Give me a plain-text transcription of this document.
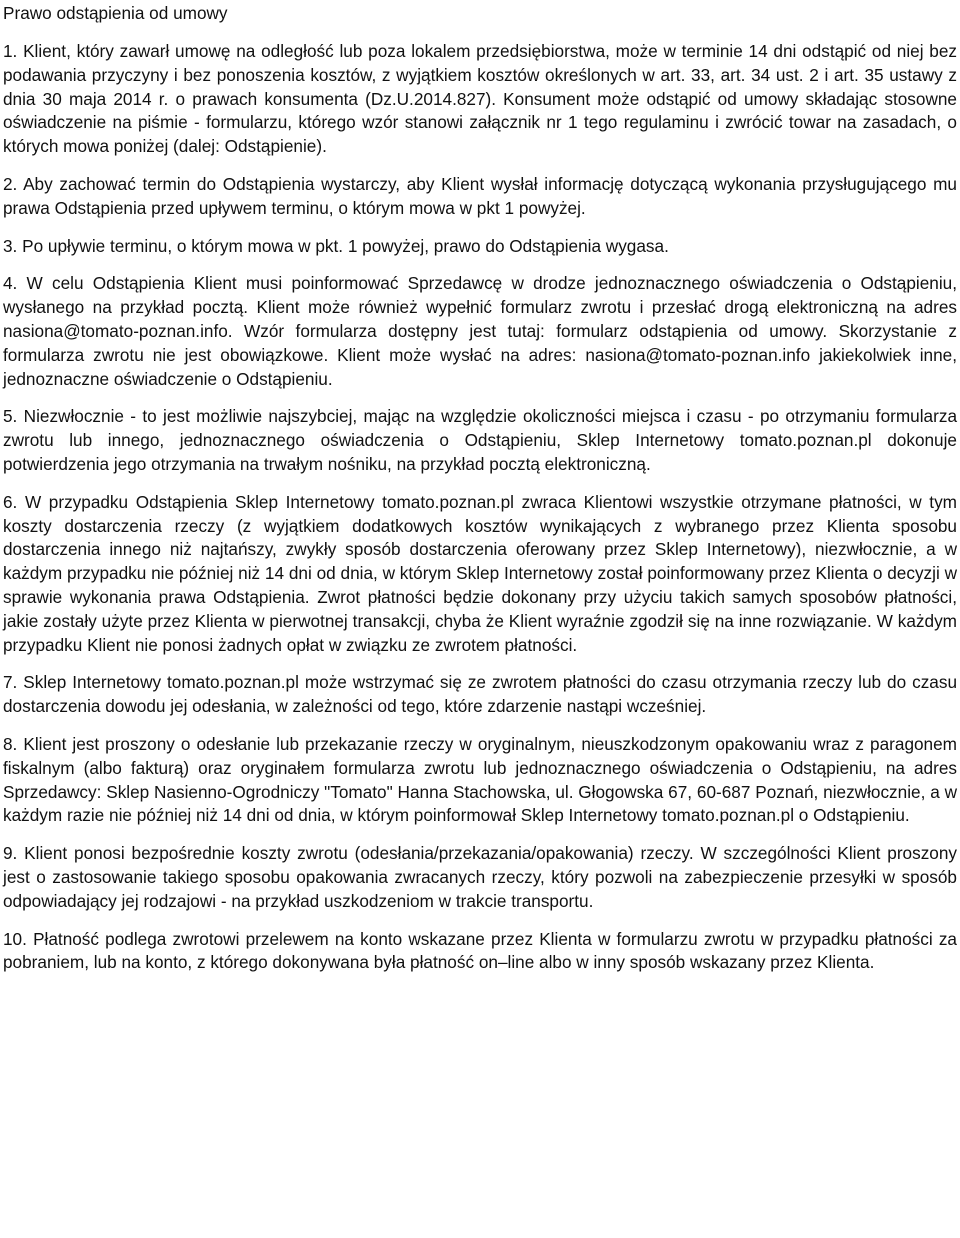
Prawo odstąpienia od umowy

1. Klient, który zawarł umowę na odległość lub poza lokalem przedsiębiorstwa, może w terminie 14 dni odstąpić od niej bez podawania przyczyny i bez ponoszenia kosztów, z wyjątkiem kosztów określonych w art. 33, art. 34 ust. 2 i art. 35 ustawy z dnia 30 maja 2014 r. o prawach konsumenta (Dz.U.2014.827). Konsument może odstąpić od umowy składając stosowne oświadczenie na piśmie - formularzu, którego wzór stanowi załącznik nr 1 tego regulaminu i zwrócić towar na zasadach, o których mowa poniżej (dalej: Odstąpienie).

2. Aby zachować termin do Odstąpienia wystarczy, aby Klient wysłał informację dotyczącą wykonania przysługującego mu prawa Odstąpienia przed upływem terminu, o którym mowa w pkt 1 powyżej.

3. Po upływie terminu, o którym mowa w pkt. 1 powyżej, prawo do Odstąpienia wygasa.

4. W celu Odstąpienia Klient musi poinformować Sprzedawcę w drodze jednoznacznego oświadczenia o Odstąpieniu, wysłanego na przykład pocztą. Klient może również wypełnić formularz zwrotu i przesłać drogą elektroniczną na adres nasiona@tomato-poznan.info. Wzór formularza dostępny jest tutaj: formularz odstąpienia od umowy. Skorzystanie z formularza zwrotu nie jest obowiązkowe. Klient może wysłać na adres: nasiona@tomato-poznan.info jakiekolwiek inne, jednoznaczne oświadczenie o Odstąpieniu.

5. Niezwłocznie - to jest możliwie najszybciej, mając na względzie okoliczności miejsca i czasu - po otrzymaniu formularza zwrotu lub innego, jednoznacznego oświadczenia o Odstąpieniu, Sklep Internetowy tomato.poznan.pl dokonuje potwierdzenia jego otrzymania na trwałym nośniku, na przykład pocztą elektroniczną.

6. W przypadku Odstąpienia Sklep Internetowy tomato.poznan.pl zwraca Klientowi wszystkie otrzymane płatności, w tym koszty dostarczenia rzeczy (z wyjątkiem dodatkowych kosztów wynikających z wybranego przez Klienta sposobu dostarczenia innego niż najtańszy, zwykły sposób dostarczenia oferowany przez Sklep Internetowy), niezwłocznie, a w każdym przypadku nie później niż 14 dni od dnia, w którym Sklep Internetowy został poinformowany przez Klienta o decyzji w sprawie wykonania prawa Odstąpienia. Zwrot płatności będzie dokonany przy użyciu takich samych sposobów płatności, jakie zostały użyte przez Klienta w pierwotnej transakcji, chyba że Klient wyraźnie zgodził się na inne rozwiązanie. W każdym przypadku Klient nie ponosi żadnych opłat w związku ze zwrotem płatności.

7. Sklep Internetowy tomato.poznan.pl może wstrzymać się ze zwrotem płatności do czasu otrzymania rzeczy lub do czasu dostarczenia dowodu jej odesłania, w zależności od tego, które zdarzenie nastąpi wcześniej.

8. Klient jest proszony o odesłanie lub przekazanie rzeczy w oryginalnym, nieuszkodzonym opakowaniu wraz z paragonem fiskalnym (albo fakturą) oraz oryginałem formularza zwrotu lub jednoznacznego oświadczenia o Odstąpieniu, na adres Sprzedawcy: Sklep Nasienno-Ogrodniczy "Tomato" Hanna Stachowska, ul. Głogowska 67, 60-687 Poznań, niezwłocznie, a w każdym razie nie później niż 14 dni od dnia, w którym poinformował Sklep Internetowy tomato.poznan.pl o Odstąpieniu.

9. Klient ponosi bezpośrednie koszty zwrotu (odesłania/przekazania/opakowania) rzeczy. W szczególności Klient proszony jest o zastosowanie takiego sposobu opakowania zwracanych rzeczy, który pozwoli na zabezpieczenie przesyłki w sposób odpowiadający jej rodzajowi - na przykład uszkodzeniom w trakcie transportu.

10. Płatność podlega zwrotowi przelewem na konto wskazane przez Klienta w formularzu zwrotu w przypadku płatności za pobraniem, lub na konto, z którego dokonywana była płatność on–line albo w inny sposób wskazany przez Klienta.
